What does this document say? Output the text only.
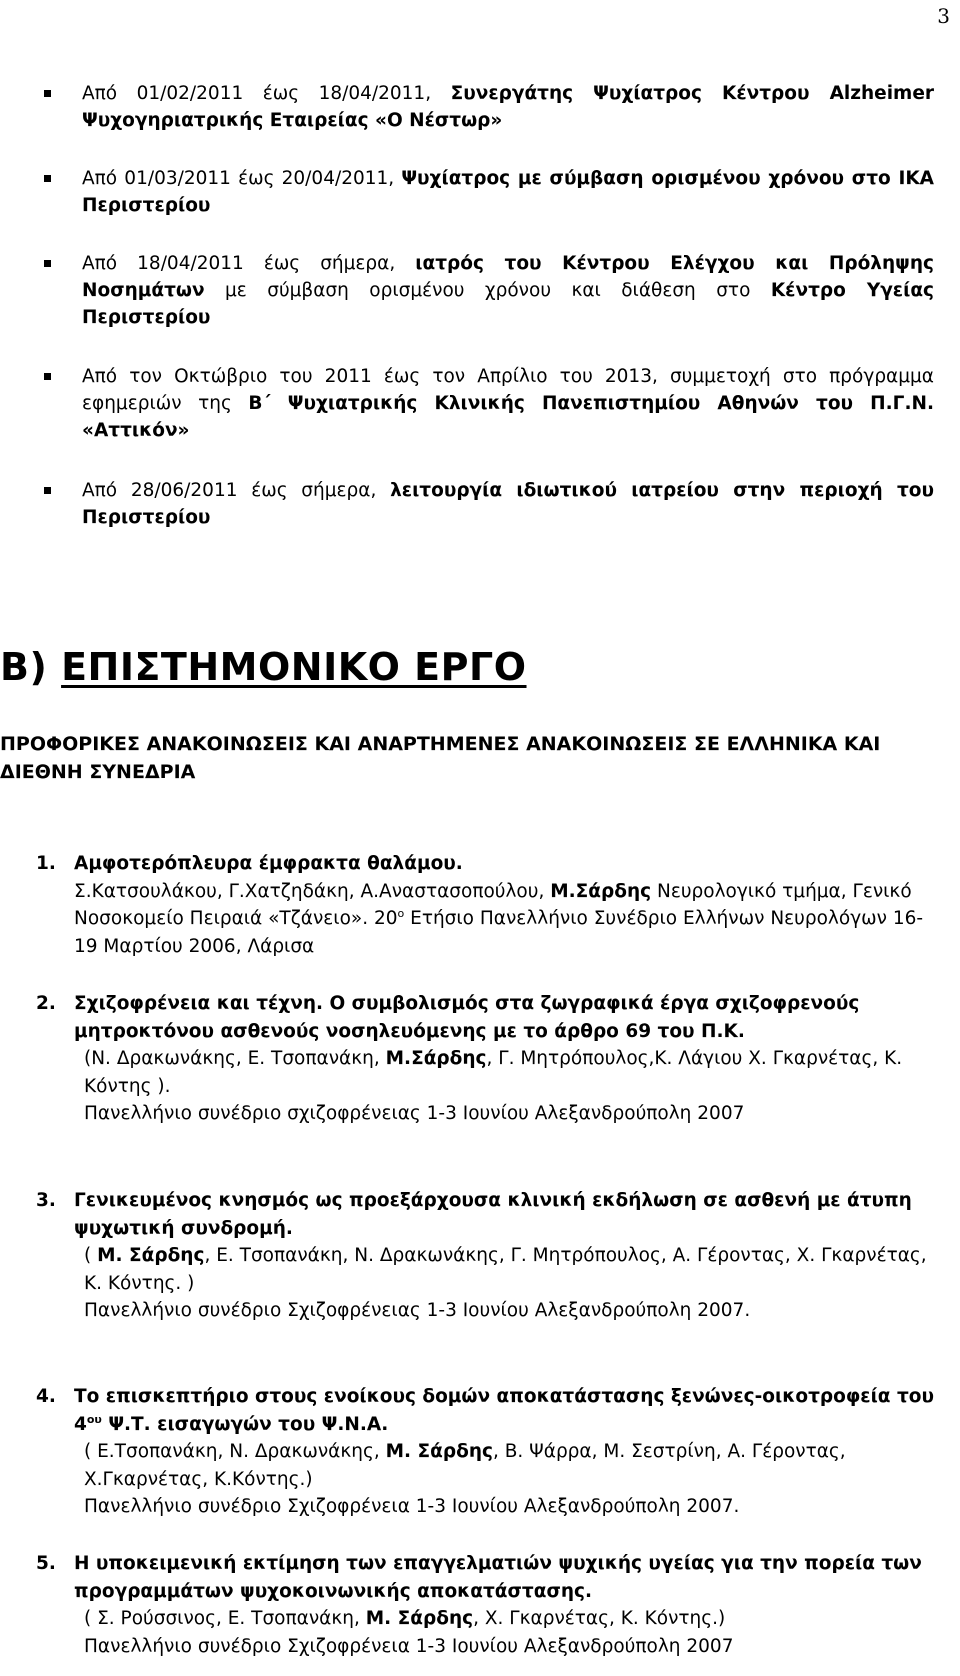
3
Από 01/02/2011 έως 18/04/2011, Συνεργάτης Ψυχίατρος Κέντρου Alzheimer Ψυχογηριατρικής Εταιρείας «Ο Νέστωρ»
Από 01/03/2011 έως 20/04/2011, Ψυχίατρος με σύμβαση ορισμένου χρόνου στο ΙΚΑ Περιστερίου
Από 18/04/2011 έως σήμερα, ιατρός του Κέντρου Ελέγχου και Πρόληψης Νοσημάτων με σύμβαση ορισμένου χρόνου και διάθεση στο Κέντρο Υγείας Περιστερίου
Από τον Οκτώβριο του 2011 έως τον Απρίλιο του 2013, συμμετοχή στο πρόγραμμα εφημεριών της Β΄ Ψυχιατρικής Κλινικής Πανεπιστημίου Αθηνών του Π.Γ.Ν. «Αττικόν»
Από 28/06/2011 έως σήμερα, λειτουργία ιδιωτικού ιατρείου στην περιοχή του Περιστερίου
Β) ΕΠΙΣΤΗΜΟΝΙΚΟ ΕΡΓΟ
ΠΡΟΦΟΡΙΚΕΣ ΑΝΑΚΟΙΝΩΣΕΙΣ ΚΑΙ ΑΝΑΡΤΗΜΕΝΕΣ ΑΝΑΚΟΙΝΩΣΕΙΣ ΣΕ ΕΛΛΗΝΙΚΑ ΚΑΙ ΔΙΕΘΝΗ ΣΥΝΕΔΡΙΑ
1. Αμφοτερόπλευρα έμφρακτα θαλάμου.
Σ.Κατσουλάκου, Γ.Χατζηδάκη, Α.Αναστασοπούλου, Μ.Σάρδης Νευρολογικό τμήμα, Γενικό Νοσοκομείο Πειραιά «Τζάνειο». $20^o$ Ετήσιο Πανελλήνιο Συνέδριο Ελλήνων Νευρολόγων 16-19 Μαρτίου 2006, Λάρισα
2. Σχιζοφρένεια και τέχνη. Ο συμβολισμός στα ζωγραφικά έργα σχιζοφρενούς μητροκτόνου ασθενούς νοσηλευόμενης με το άρθρο 69 του Π.Κ.
(Ν. Δρακωνάκης, Ε. Τσοπανάκη, Μ.Σάρδης, Γ. Μητρόπουλος,Κ. Λάγιου Χ. Γκαρνέτας, Κ. Κόντης ).
Πανελλήνιο συνέδριο σχιζοφρένειας 1-3 Ιουνίου Αλεξανδρούπολη 2007
3. Γενικευμένος κνησμός ως προεξάρχουσα κλινική εκδήλωση σε ασθενή με άτυπη ψυχωτική συνδρομή.
( Μ. Σάρδης, Ε. Τσοπανάκη, Ν. Δρακωνάκης, Γ. Μητρόπουλος, Α. Γέροντας, Χ. Γκαρνέτας, Κ. Κόντης. )
Πανελλήνιο συνέδριο Σχιζοφρένειας 1-3 Ιουνίου Αλεξανδρούπολη 2007.
4. Το επισκεπτήριο στους ενοίκους δομών αποκατάστασης ξενώνες-οικοτροφεία του $4^{o\upsilon}$ Ψ.Τ. εισαγωγών του Ψ.Ν.Α.
( Ε.Τσοπανάκη, Ν. Δρακωνάκης, Μ. Σάρδης, Β. Ψάρρα, Μ. Σεστρίνη, Α. Γέροντας, Χ.Γκαρνέτας, Κ.Κόντης.)
Πανελλήνιο συνέδριο Σχιζοφρένεια 1-3 Ιουνίου Αλεξανδρούπολη 2007.
5. Η υποκειμενική εκτίμηση των επαγγελματιών ψυχικής υγείας για την πορεία των προγραμμάτων ψυχοκοινωνικής αποκατάστασης.
( Σ. Ρούσσινος, Ε. Τσοπανάκη, Μ. Σάρδης, Χ. Γκαρνέτας, Κ. Κόντης.)
Πανελλήνιο συνέδριο Σχιζοφρένεια 1-3 Ιουνίου Αλεξανδρούπολη 2007
